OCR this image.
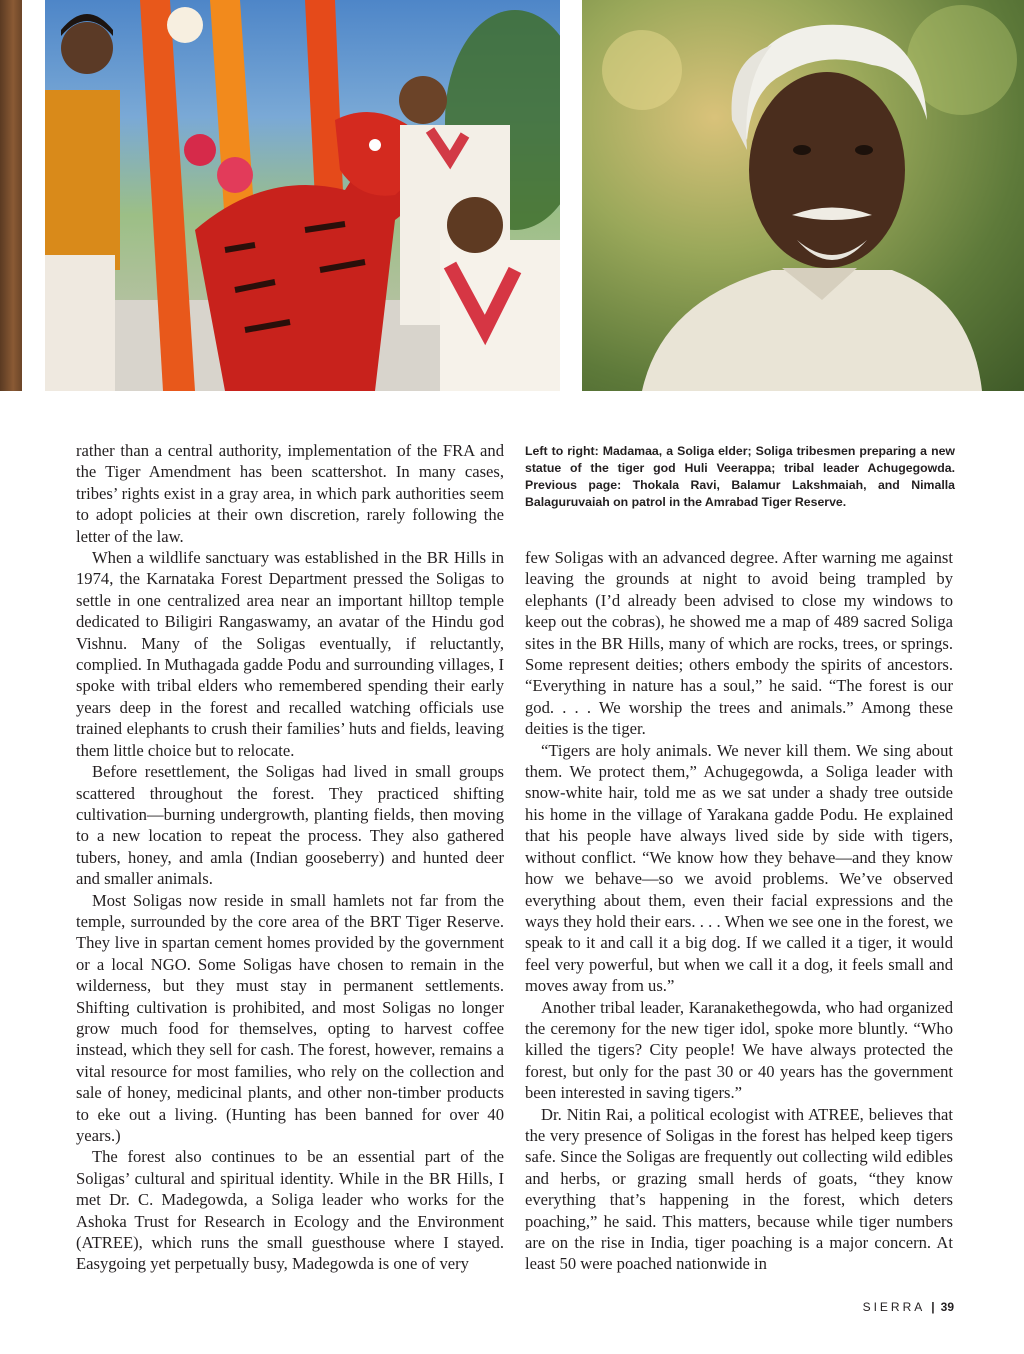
Left to right: Madamaa, a Soliga elder; Soliga tribesmen preparing a new statue of the tiger god Huli Veerappa; tribal leader Achugegowda. Previous page: Thokala Ravi, Balamur Lakshmaiah, and Nimalla Balaguruvaiah on patrol in the Amrabad Tiger Reserve.

rather than a central authority, implementation of the FRA and the Tiger Amendment has been scattershot. In many cases, tribes’ rights exist in a gray area, in which park authorities seem to adopt policies at their own discretion, rarely following the letter of the law.

When a wildlife sanctuary was established in the BR Hills in 1974, the Karnataka Forest Department pressed the Soligas to settle in one centralized area near an important hilltop temple dedicated to Biligiri Rangaswamy, an avatar of the Hindu god Vishnu. Many of the Soligas eventually, if reluctantly, complied. In Muthagada gadde Podu and surrounding villages, I spoke with tribal elders who remembered spending their early years deep in the forest and recalled watching officials use trained elephants to crush their families’ huts and fields, leaving them little choice but to relocate.

Before resettlement, the Soligas had lived in small groups scattered throughout the forest. They practiced shifting cultivation—burning undergrowth, planting fields, then moving to a new location to repeat the process. They also gathered tubers, honey, and amla (Indian gooseberry) and hunted deer and smaller animals.

Most Soligas now reside in small hamlets not far from the temple, surrounded by the core area of the BRT Tiger Reserve. They live in spartan cement homes provided by the government or a local NGO. Some Soligas have chosen to remain in the wilderness, but they must stay in permanent settlements. Shifting cultivation is prohibited, and most Soligas no longer grow much food for themselves, opting to harvest coffee instead, which they sell for cash. The forest, however, remains a vital resource for most families, who rely on the collection and sale of honey, medicinal plants, and other non-timber products to eke out a living. (Hunting has been banned for over 40 years.)

The forest also continues to be an essential part of the Soligas’ cultural and spiritual identity. While in the BR Hills, I met Dr. C. Madegowda, a Soliga leader who works for the Ashoka Trust for Research in Ecology and the Environment (ATREE), which runs the small guesthouse where I stayed. Easygoing yet perpetually busy, Madegowda is one of very

few Soligas with an advanced degree. After warning me against leaving the grounds at night to avoid being trampled by elephants (I’d already been advised to close my windows to keep out the cobras), he showed me a map of 489 sacred Soliga sites in the BR Hills, many of which are rocks, trees, or springs. Some represent deities; others embody the spirits of ancestors. “Everything in nature has a soul,” he said. “The forest is our god. . . . We worship the trees and animals.” Among these deities is the tiger.

“Tigers are holy animals. We never kill them. We sing about them. We protect them,” Achugegowda, a Soliga leader with snow-white hair, told me as we sat under a shady tree outside his home in the village of Yarakana gadde Podu. He explained that his people have always lived side by side with tigers, without conflict. “We know how they behave—and they know how we behave—so we avoid problems. We’ve observed everything about them, even their facial expressions and the ways they hold their ears. . . . When we see one in the forest, we speak to it and call it a big dog. If we called it a tiger, it would feel very powerful, but when we call it a dog, it feels small and moves away from us.”

Another tribal leader, Karanakethegowda, who had organized the ceremony for the new tiger idol, spoke more bluntly. “Who killed the tigers? City people! We have always protected the forest, but only for the past 30 or 40 years has the government been interested in saving tigers.”

Dr. Nitin Rai, a political ecologist with ATREE, believes that the very presence of Soligas in the forest has helped keep tigers safe. Since the Soligas are frequently out collecting wild edibles and herbs, or grazing small herds of goats, “they know everything that’s happening in the forest, which deters poaching,” he said. This matters, because while tiger numbers are on the rise in India, tiger poaching is a major concern. At least 50 were poached nationwide in

SIERRA | 39
